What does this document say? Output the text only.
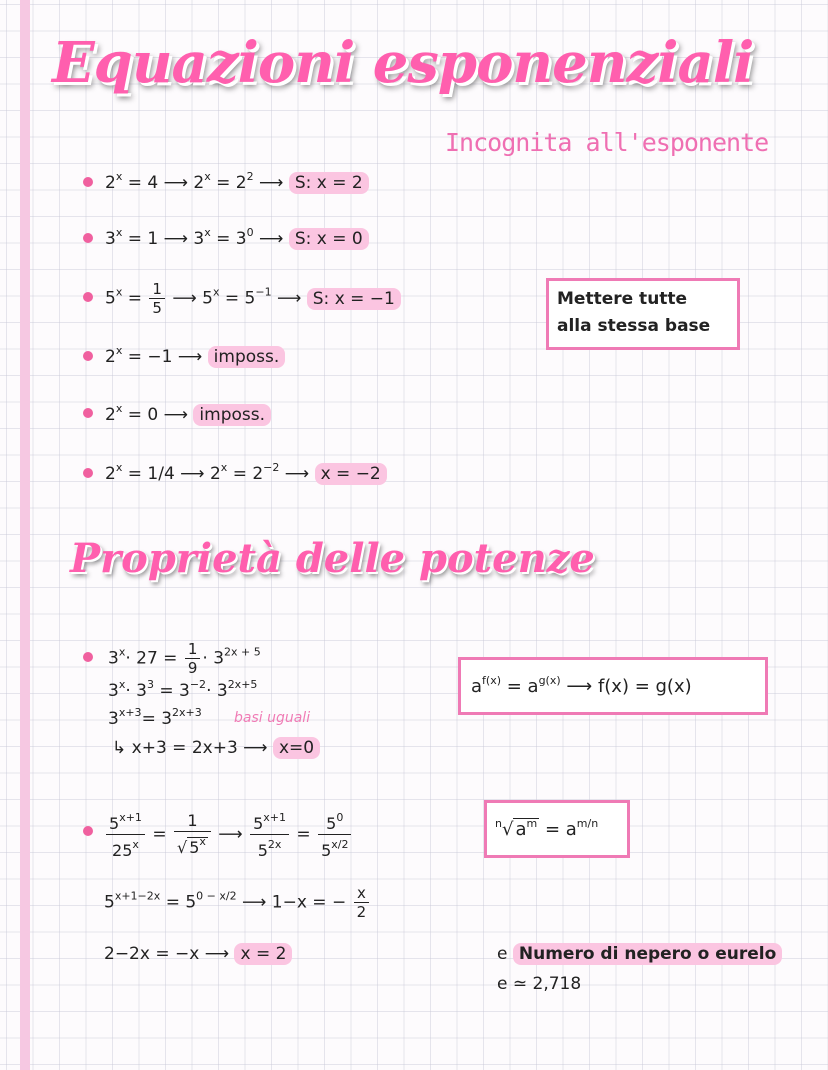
Equazioni esponenziali
Incognita all'esponente
$2^x = 4$ ⟶ $2^x = 2^2$ ⟶ S: x = 2
$3^x = 1$ ⟶ $3^x = 3^0$ ⟶ S: x = 0
$5^x = \frac{1}{5}$ ⟶ $5^x = 5^{-1}$ ⟶ S: x = −1
$2^x = -1$ ⟶ imposs.
$2^x = 0$ ⟶ imposs.
$2^x = 1/4$ ⟶ $2^x = 2^{-2}$ ⟶ x = −2
Mettere tutte
alla stessa base
Proprietà delle potenze
$3^x\cdot 27 = \frac{1}{9} \cdot 3^{2x + 5}$
$3^x\cdot 3^3 = 3^{-2}\cdot 3^{2x+5}$
$3^{x+3}= 3^{2x+3}$ basi uguali
↳ x+3 = 2x+3 ⟶ x=0
$a^{f(x)} = a^{g(x)}$ ⟶ f(x) = g(x)
$^n$√ $a^m = a^{m/n}$
$\frac{5^{x+1}}{25^x} = \frac{1}{√ 5^x}$ ⟶ $\frac{5^{x+1}}{5^{2x}} = \frac{5^0}{5^{x/2}}$
$5^{x+1-2x} = 5^{0 - x/2}$ ⟶ 1−x = − $\frac{x}{2}$
2−2x = −x ⟶ x = 2	e Numero di nepero o eurelo
e ≃ 2,718
